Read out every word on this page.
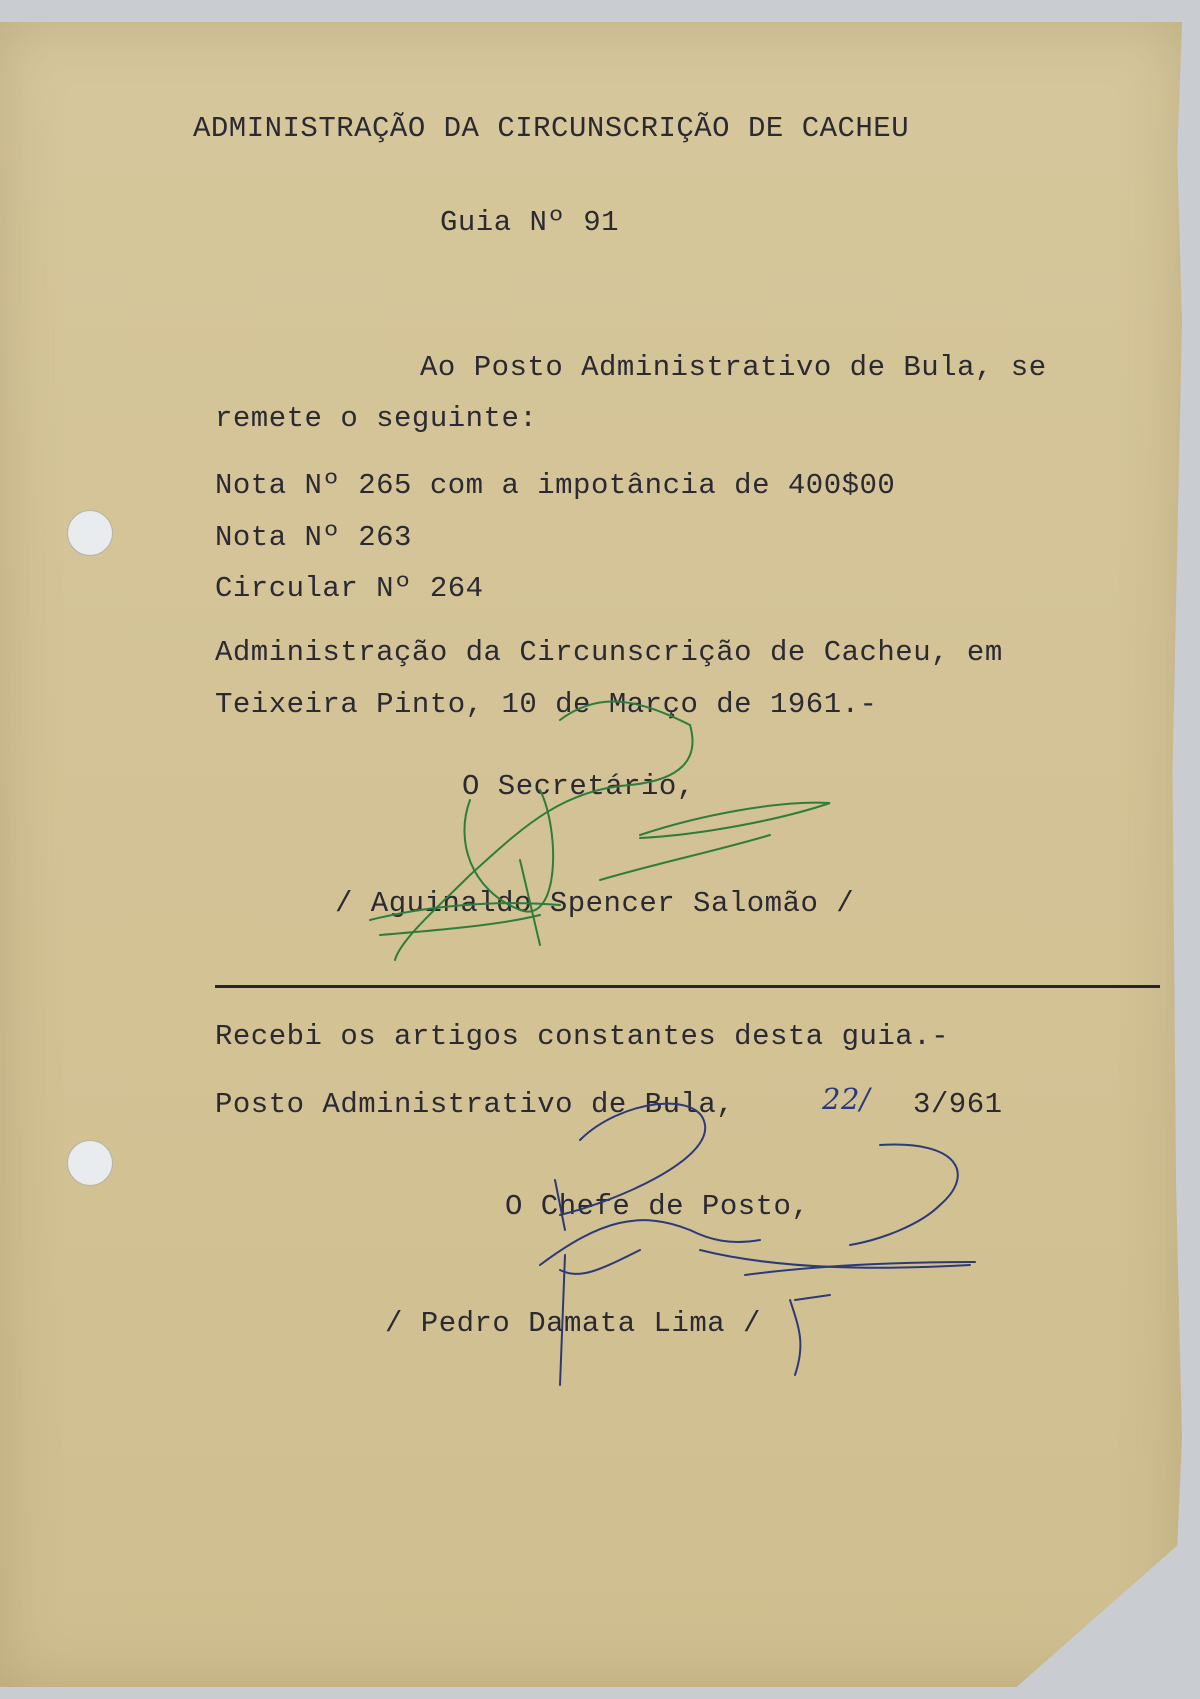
ADMINISTRAÇÃO DA CIRCUNSCRIÇÃO DE CACHEU

Guia Nº 91

Ao Posto Administrativo de Bula, se

remete o seguinte:

Nota Nº 265 com a impotância de 400$00

Nota Nº 263

Circular Nº 264

Administração da Circunscrição de Cacheu, em

Teixeira Pinto, 10 de Março de 1961.-

O Secretário,

/ Aguinaldo Spencer Salomão /

Recebi os artigos constantes desta guia.-

Posto Administrativo de Bula,	22/ 3/961

O Chefe de Posto,

/ Pedro Damata Lima /
